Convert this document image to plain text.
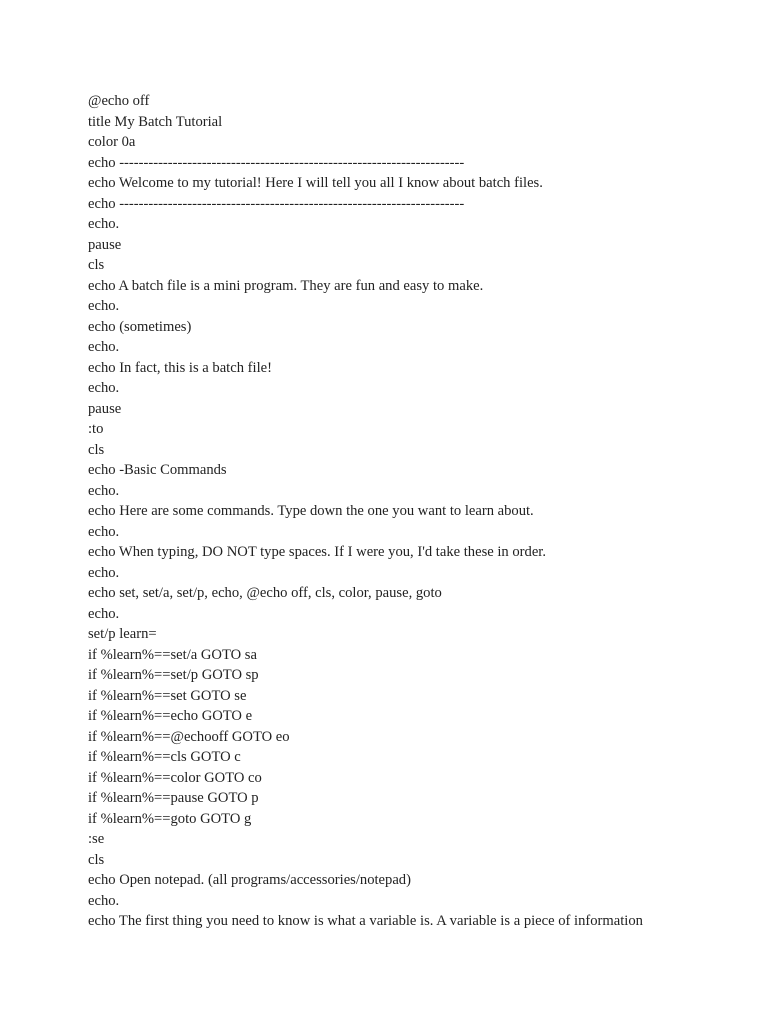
@echo off
title My Batch Tutorial
color 0a
echo -----------------------------------------------------------------------
echo Welcome to my tutorial! Here I will tell you all I know about batch files.
echo -----------------------------------------------------------------------
echo.
pause
cls
echo A batch file is a mini program. They are fun and easy to make.
echo.
echo (sometimes)
echo.
echo In fact, this is a batch file!
echo.
pause
:to
cls
echo -Basic Commands
echo.
echo Here are some commands. Type down the one you want to learn about.
echo.
echo When typing, DO NOT type spaces. If I were you, I'd take these in order.
echo.
echo set, set/a, set/p, echo, @echo off, cls, color, pause, goto
echo.
set/p learn=
if %learn%==set/a GOTO sa
if %learn%==set/p GOTO sp
if %learn%==set GOTO se
if %learn%==echo GOTO e
if %learn%==@echooff GOTO eo
if %learn%==cls GOTO c
if %learn%==color GOTO co
if %learn%==pause GOTO p
if %learn%==goto GOTO g
:se
cls
echo Open notepad. (all programs/accessories/notepad)
echo.
echo The first thing you need to know is what a variable is. A variable is a piece of information
